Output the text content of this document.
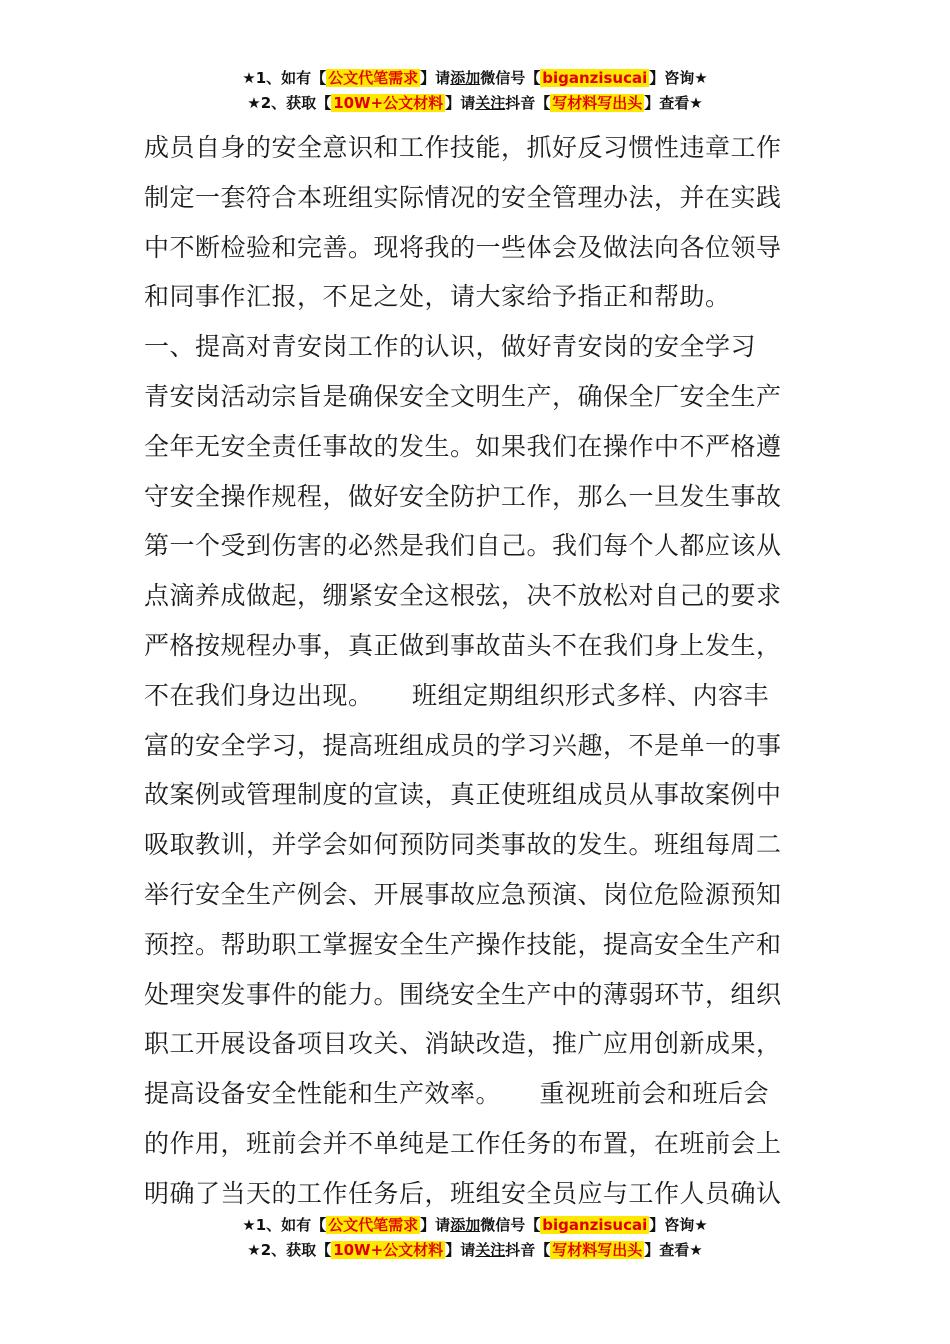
★1、如有【 公文代笔需求 】请添加微信号【 biganzisucai 】咨询★
★2、获取【 10W+公文材料 】请关注抖音【 写材料写出头 】查看★
成员自身的安全意识和工作技能，抓好反习惯性违章工作
制定一套符合本班组实际情况的安全管理办法，并在实践
中不断检验和完善。现将我的一些体会及做法向各位领导
和同事作汇报，不足之处，请大家给予指正和帮助。
一、提高对青安岗工作的认识，做好青安岗的安全学习
青安岗活动宗旨是确保安全文明生产，确保全厂安全生产
全年无安全责任事故的发生。如果我们在操作中不严格遵
守安全操作规程，做好安全防护工作，那么一旦发生事故
第一个受到伤害的必然是我们自己。我们每个人都应该从
点滴养成做起，绷紧安全这根弦，决不放松对自己的要求
严格按规程办事，真正做到事故苗头不在我们身上发生，
不在我们身边出现。　　班组定期组织形式多样、内容丰
富的安全学习，提高班组成员的学习兴趣，不是单一的事
故案例或管理制度的宣读，真正使班组成员从事故案例中
吸取教训，并学会如何预防同类事故的发生。班组每周二
举行安全生产例会、开展事故应急预演、岗位危险源预知
预控。帮助职工掌握安全生产操作技能，提高安全生产和
处理突发事件的能力。围绕安全生产中的薄弱环节，组织
职工开展设备项目攻关、消缺改造，推广应用创新成果，
提高设备安全性能和生产效率。　　重视班前会和班后会
的作用，班前会并不单纯是工作任务的布置，在班前会上
明确了当天的工作任务后，班组安全员应与工作人员确认
★1、如有【 公文代笔需求 】请添加微信号【 biganzisucai 】咨询★
★2、获取【 10W+公文材料 】请关注抖音【 写材料写出头 】查看★
